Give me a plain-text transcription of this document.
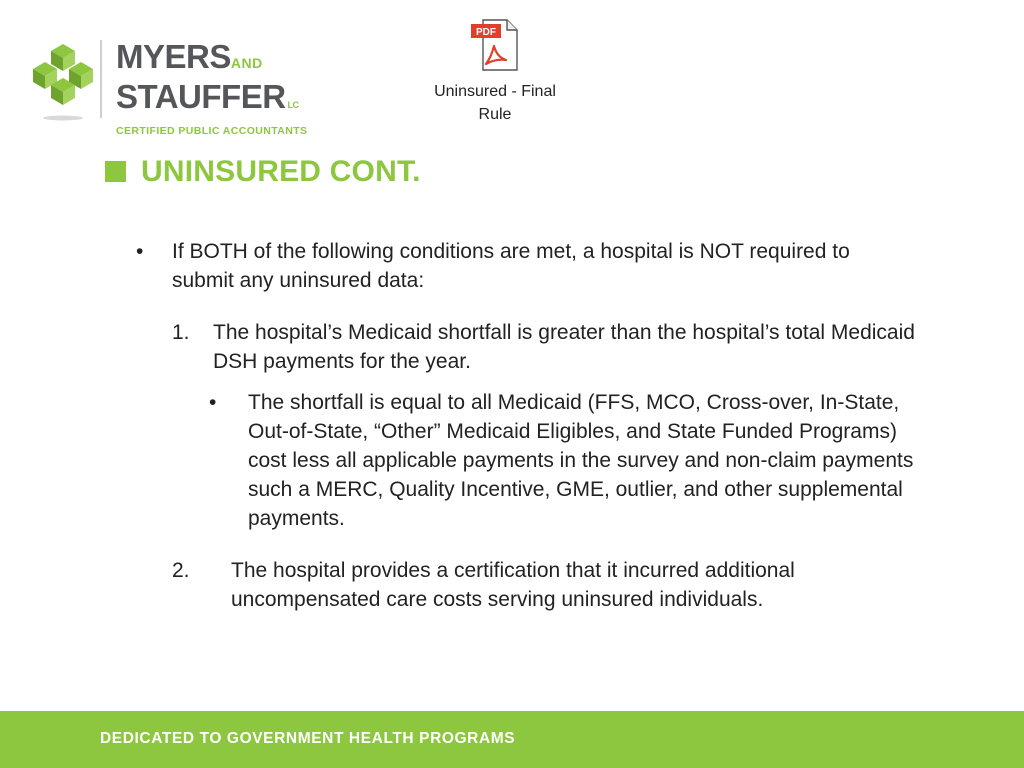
MYERSAND
STAUFFER LC
CERTIFIED PUBLIC ACCOUNTANTS
PDF
Uninsured - Final
Rule
UNINSURED CONT.
• If BOTH of the following conditions are met, a hospital is NOT required to submit any uninsured data:
1. The hospital’s Medicaid shortfall is greater than the hospital’s total Medicaid DSH payments for the year.
• The shortfall is equal to all Medicaid (FFS, MCO, Cross-over, In-State, Out-of-State, “Other” Medicaid Eligibles, and State Funded Programs) cost less all applicable payments in the survey and non-claim payments such a MERC, Quality Incentive, GME, outlier, and other supplemental payments.
2. The hospital provides a certification that it incurred additional uncompensated care costs serving uninsured individuals.
DEDICATED TO GOVERNMENT HEALTH PROGRAMS
